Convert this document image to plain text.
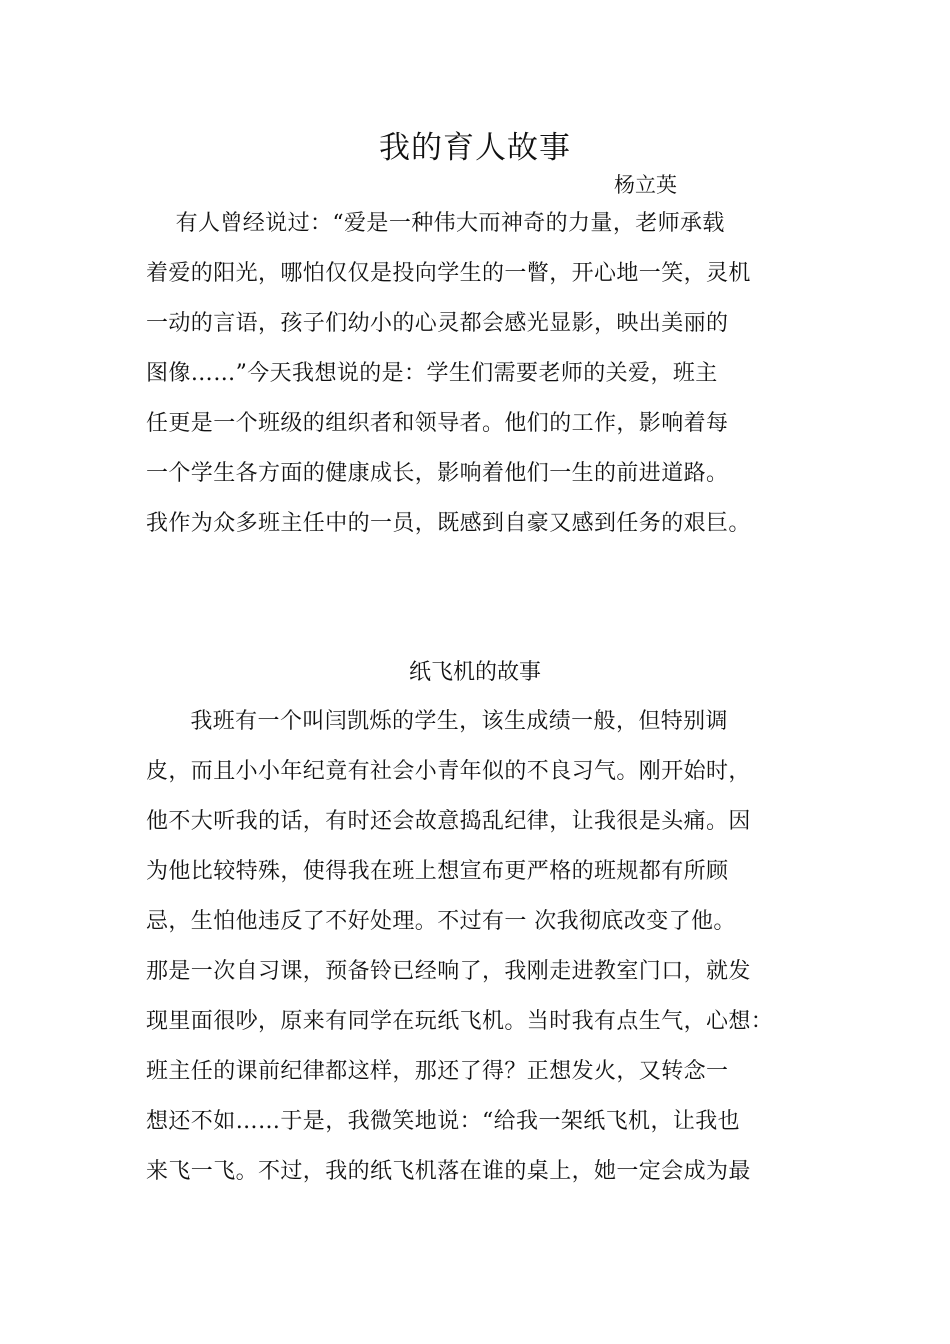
我的育人故事
杨立英
有人曾经说过：“爱是一种伟大而神奇的力量，老师承载
着爱的阳光，哪怕仅仅是投向学生的一瞥，开心地一笑，灵机
一动的言语，孩子们幼小的心灵都会感光显影，映出美丽的
图像……”今天我想说的是：学生们需要老师的关爱，班主
任更是一个班级的组织者和领导者。他们的工作，影响着每
一个学生各方面的健康成长，影响着他们一生的前进道路。
我作为众多班主任中的一员，既感到自豪又感到任务的艰巨。
纸飞机的故事
我班有一个叫闫凯烁的学生，该生成绩一般，但特别调
皮，而且小小年纪竟有社会小青年似的不良习气。刚开始时，
他不大听我的话，有时还会故意捣乱纪律，让我很是头痛。因
为他比较特殊，使得我在班上想宣布更严格的班规都有所顾
忌，生怕他违反了不好处理。不过有一 次我彻底改变了他。
那是一次自习课，预备铃已经响了，我刚走进教室门口，就发
现里面很吵，原来有同学在玩纸飞机。当时我有点生气，心想：
班主任的课前纪律都这样，那还了得？正想发火，又转念一
想还不如……于是，我微笑地说：“给我一架纸飞机，让我也
来飞一飞。不过，我的纸飞机落在谁的桌上，她一定会成为最
